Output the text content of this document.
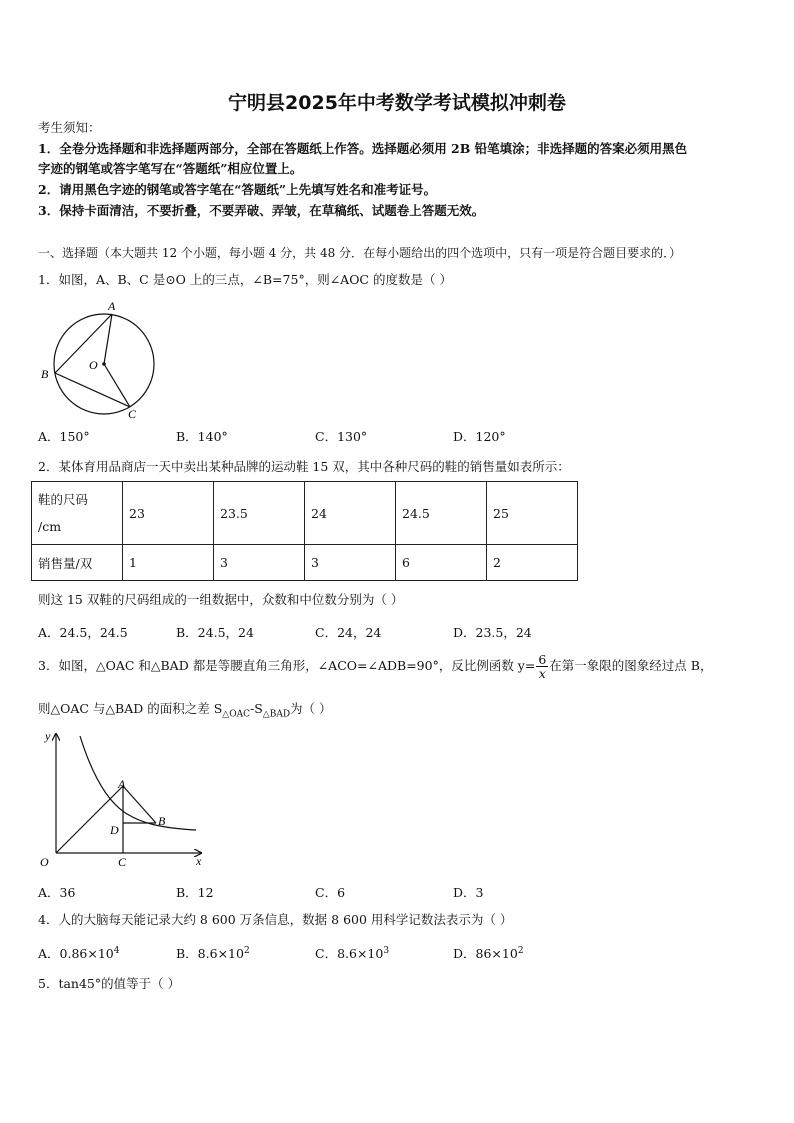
宁明县2025年中考数学考试模拟冲刺卷
考生须知：
1．全卷分选择题和非选择题两部分，全部在答题纸上作答。选择题必须用 2B 铅笔填涂；非选择题的答案必须用黑色
字迹的钢笔或答字笔写在“答题纸”相应位置上。
2．请用黑色字迹的钢笔或答字笔在“答题纸”上先填写姓名和准考证号。
3．保持卡面清洁，不要折叠，不要弄破、弄皱，在草稿纸、试题卷上答题无效。
一、选择题（本大题共 12 个小题，每小题 4 分，共 48 分．在每小题给出的四个选项中，只有一项是符合题目要求的．）
1．如图，A、B、C 是⊙O 上的三点，∠B=75°，则∠AOC 的度数是（ ）
A
B
C
O
A．150°	B．140°	C．130°	D．120°
2．某体育用品商店一天中卖出某种品牌的运动鞋 15 双，其中各种尺码的鞋的销售量如表所示：
鞋的尺码
/cm	23	23.5	24	24.5	25
销售量/双	1	3	3	6	2
则这 15 双鞋的尺码组成的一组数据中，众数和中位数分别为（ ）
A．24.5，24.5	B．24.5，24	C．24，24	D．23.5，24
3．如图，△OAC 和△BAD 都是等腰直角三角形，∠ACO=∠ADB=90°，反比例函数 $y= \frac{6}{x}$ 在第一象限的图象经过点 B，
则△OAC 与△BAD 的面积之差 $S_{\triangle OAC}-S_{\triangle BAD}$为（ ）
y
x
O
A
B
C
D
A．36	B．12	C．6	D．3
4．人的大脑每天能记录大约 8 600 万条信息，数据 8 600 用科学记数法表示为（ ）
A．$0.86\times 10^4$	B．$8.6\times 10^2$	C．$8.6\times 10^3$	D．$86\times 10^2$
5．tan45°的值等于（ ）
